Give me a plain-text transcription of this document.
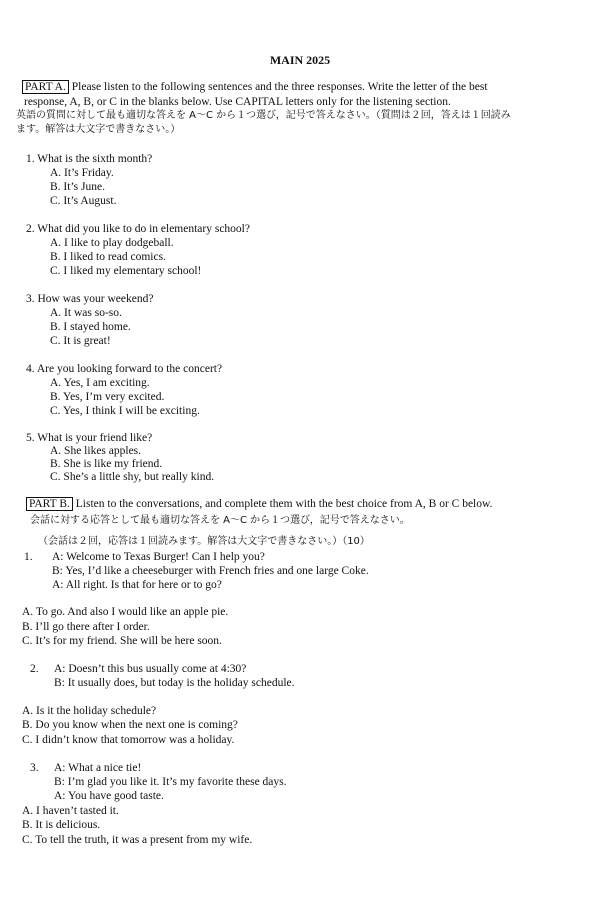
MAIN 2025
PART A. Please listen to the following sentences and the three responses. Write the letter of the best
response, A, B, or C in the blanks below. Use CAPITAL letters only for the listening section.
英語の質問に対して最も適切な答えを A〜C から１つ選び，記号で答えなさい。（質問は２回，答えは１回読み
ます。解答は大文字で書きなさい。）
1. What is the sixth month?
A. It’s Friday.
B. It’s June.
C. It’s August.
2. What did you like to do in elementary school?
A. I like to play dodgeball.
B. I liked to read comics.
C. I liked my elementary school!
3. How was your weekend?
A. It was so-so.
B. I stayed home.
C. It is great!
4. Are you looking forward to the concert?
A. Yes, I am exciting.
B. Yes, I’m very excited.
C. Yes, I think I will be exciting.
5. What is your friend like?
A. She likes apples.
B. She is like my friend.
C. She’s a little shy, but really kind.
PART B. Listen to the conversations, and complete them with the best choice from A, B or C below.
会話に対する応答として最も適切な答えを A〜C から１つ選び，記号で答えなさい。
（会話は２回，応答は１回読みます。解答は大文字で書きなさい。）（10）
1. A: Welcome to Texas Burger! Can I help you?
B: Yes, I’d like a cheeseburger with French fries and one large Coke.
A: All right. Is that for here or to go?
A. To go. And also I would like an apple pie.
B. I’ll go there after I order.
C. It’s for my friend. She will be here soon.
2. A: Doesn’t this bus usually come at 4:30?
B: It usually does, but today is the holiday schedule.
A. Is it the holiday schedule?
B. Do you know when the next one is coming?
C. I didn’t know that tomorrow was a holiday.
3. A: What a nice tie!
B: I’m glad you like it. It’s my favorite these days.
A: You have good taste.
A. I haven’t tasted it.
B. It is delicious.
C. To tell the truth, it was a present from my wife.
